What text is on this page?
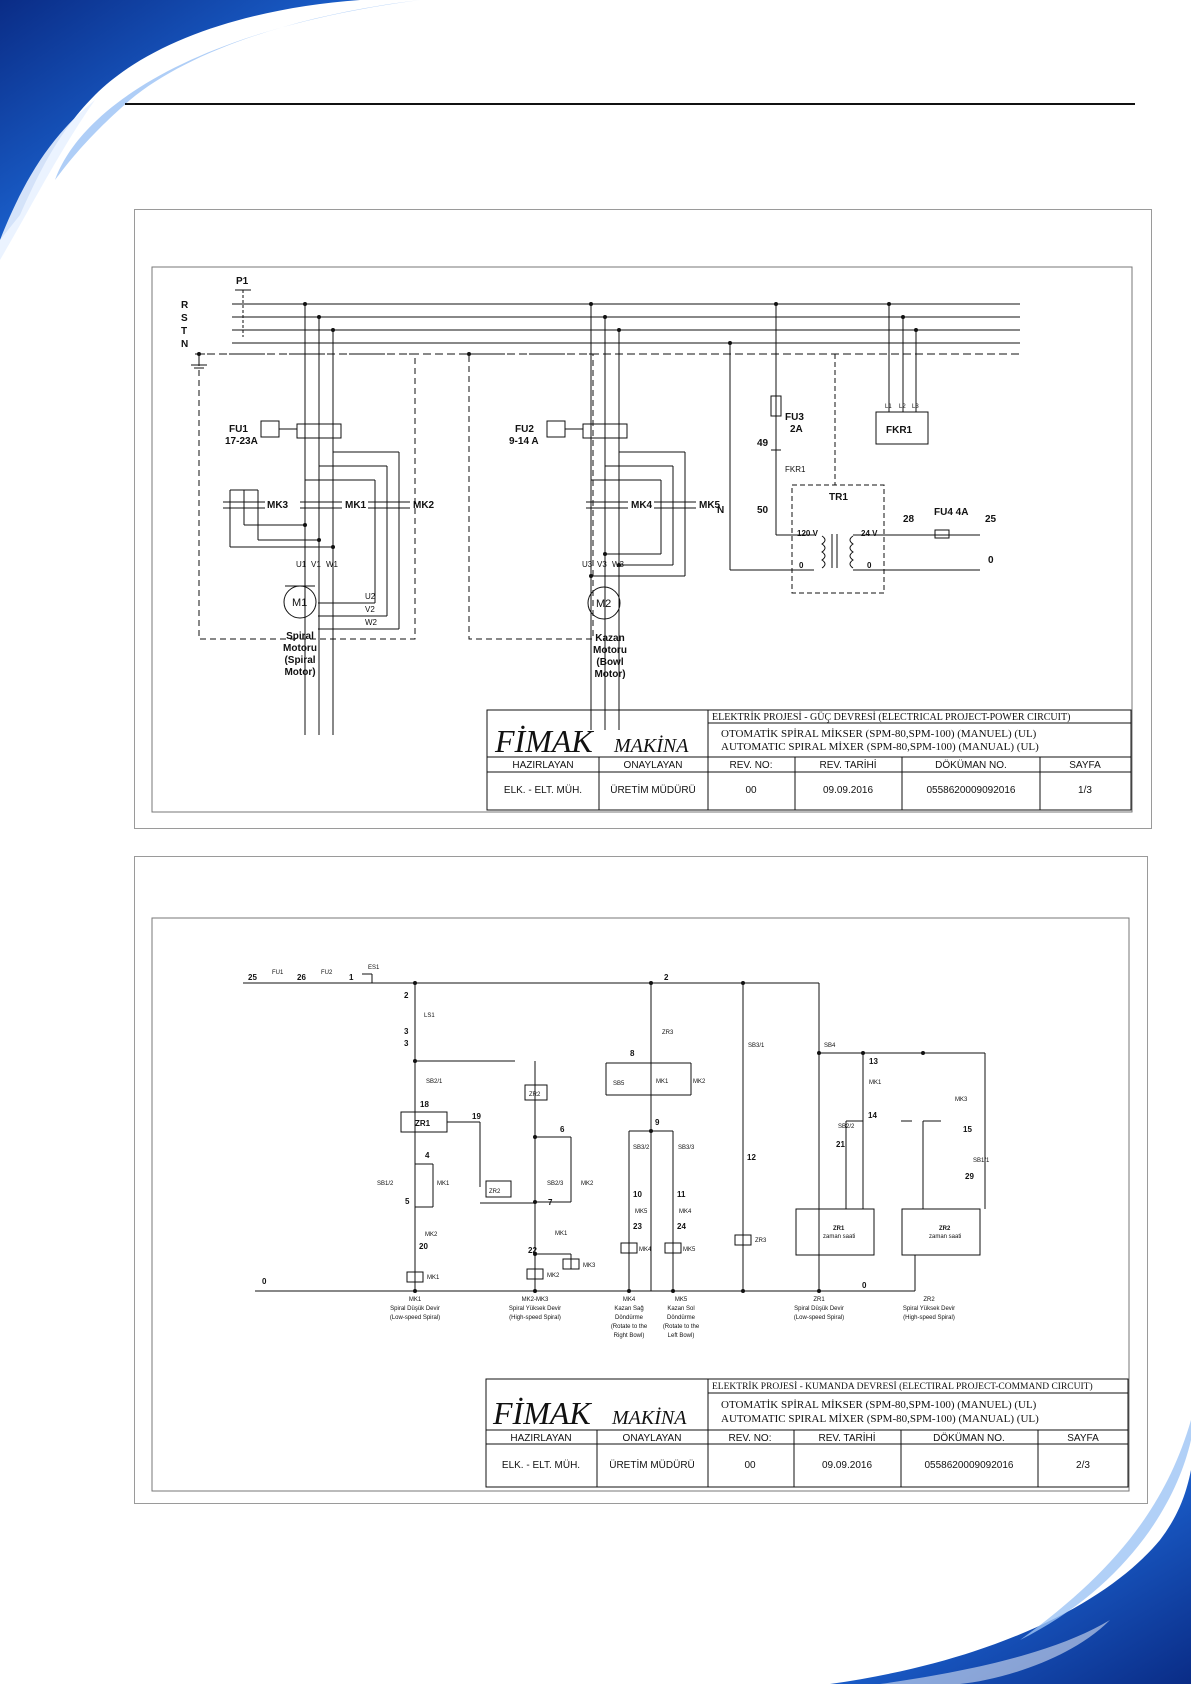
P1
R
S
T
N
FU1
17-23A
FU2
9-14 A
MK3	MK1	MK2	MK4	MK5
U1 V1 W1
U2
V2
W2
U3 V3 W3
M1	M2
Spiral
Motoru
(Spiral
Motor)
Kazan
Motoru
(Bowl
Motor)
FU3
2A
49
FKR1
50
N
FKR1
L1 L2 L3
TR1
120 V	24 V
0	0
28
FU4 4A
25
0
FİMAK MAKİNA
ELEKTRİK PROJESİ - GÜÇ DEVRESİ (ELECTRICAL PROJECT-POWER CIRCUIT)
OTOMATİK SPİRAL MİKSER (SPM-80,SPM-100) (MANUEL) (UL)
AUTOMATIC SPIRAL MİXER (SPM-80,SPM-100) (MANUAL) (UL)
HAZIRLAYAN	ONAYLAYAN	REV. NO:	REV. TARİHİ	DÖKÜMAN NO.	SAYFA
ELK. - ELT. MÜH.	ÜRETİM MÜDÜRÜ	00	09.09.2016	0558620009092016	1/3
25	FU1 26	FU2 1
ES1
2
LS1
3
3
SB2/1
18
ZR1
19
4
MK1
SB1/2
5
MK2
20
MK1
0
ZR2
6
ZR2
SB2/3	MK2
7
MK1
22
MK2
MK3
2
ZR3
8
SB5	MK1	MK2
9
SB3/2	SB3/3
10	11
MK5	MK4
23	24
MK4	MK5
SB3/1
12
ZR3
SB4
13
MK1
14
SB2/2
21
ZR1
zaman saati
MK3
15
SB1/1
29
ZR2
zaman saati
0
MK1
Spiral Düşük Devir
(Low-speed Spiral)
MK2-MK3
Spiral Yüksek Devir
(High-speed Spiral)
MK4
Kazan Sağ
Döndürme
(Rotate to the
Right Bowl)
MK5
Kazan Sol
Döndürme
(Rotate to the
Left Bowl)
ZR1
Spiral Düşük Devir
(Low-speed Spiral)
ZR2
Spiral Yüksek Devir
(High-speed Spiral)
FİMAK MAKİNA
ELEKTRİK PROJESİ - KUMANDA DEVRESİ (ELECTIRAL PROJECT-COMMAND CIRCUIT)
OTOMATİK SPİRAL MİKSER (SPM-80,SPM-100) (MANUEL) (UL)
AUTOMATIC SPIRAL MİXER (SPM-80,SPM-100) (MANUAL) (UL)
HAZIRLAYAN	ONAYLAYAN	REV. NO:	REV. TARİHİ	DÖKÜMAN NO.	SAYFA
ELK. - ELT. MÜH.	ÜRETİM MÜDÜRÜ	00	09.09.2016	0558620009092016	2/3
